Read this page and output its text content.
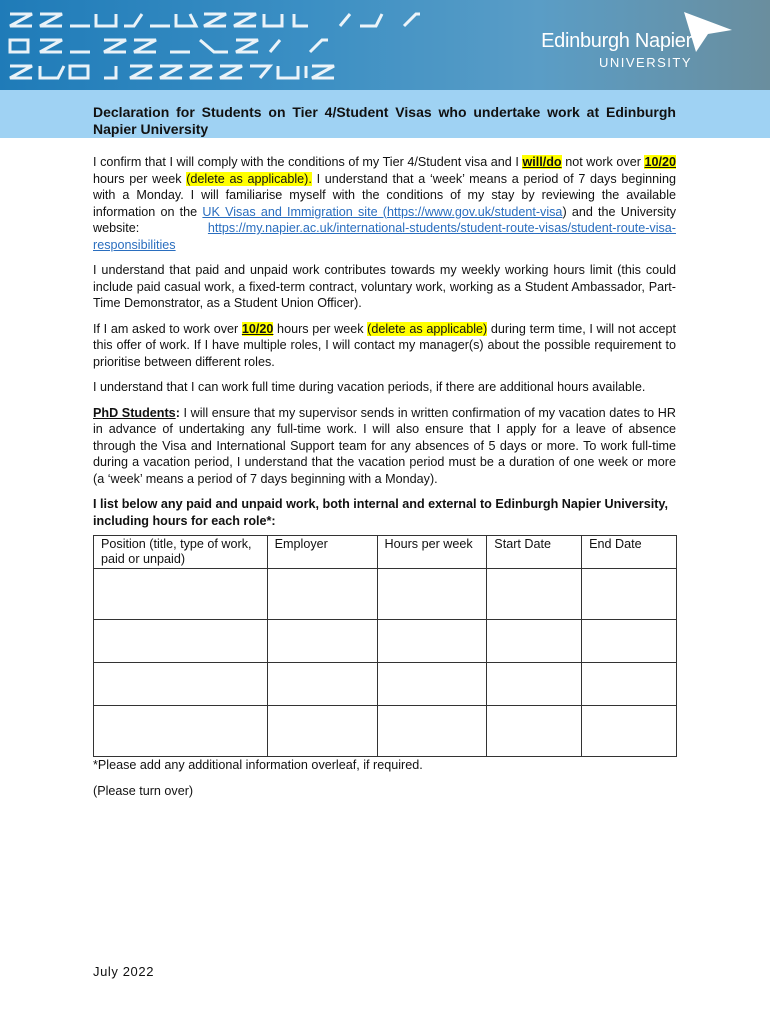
Edinburgh Napier
UNIVERSITY
Declaration for Students on Tier 4/Student Visas who undertake work at Edinburgh Napier University

I confirm that I will comply with the conditions of my Tier 4/Student visa and I will/do not work over 10/20 hours per week (delete as applicable). I understand that a ‘week’ means a period of 7 days beginning with a Monday. I will familiarise myself with the conditions of my stay by reviewing the available information on the UK Visas and Immigration site (https://www.gov.uk/student-visa) and the University website: https://my.napier.ac.uk/international-students/student-route-visas/student-route-visa-responsibilities

I understand that paid and unpaid work contributes towards my weekly working hours limit (this could include paid casual work, a fixed-term contract, voluntary work, working as a Student Ambassador, Part-Time Demonstrator, as a Student Union Officer).

If I am asked to work over 10/20 hours per week (delete as applicable) during term time, I will not accept this offer of work. If I have multiple roles, I will contact my manager(s) about the possible requirement to prioritise between different roles.

I understand that I can work full time during vacation periods, if there are additional hours available.

PhD Students: I will ensure that my supervisor sends in written confirmation of my vacation dates to HR in advance of undertaking any full-time work. I will also ensure that I apply for a leave of absence through the Visa and International Support team for any absences of 5 days or more. To work full-time during a vacation period, I understand that the vacation period must be a duration of one week or more (a ‘week’ means a period of 7 days beginning with a Monday).

I list below any paid and unpaid work, both internal and external to Edinburgh Napier University, including hours for each role*:
Position (title, type of work, paid or unpaid)	Employer	Hours per week	Start Date	End Date

*Please add any additional information overleaf, if required.

(Please turn over)

July 2022
